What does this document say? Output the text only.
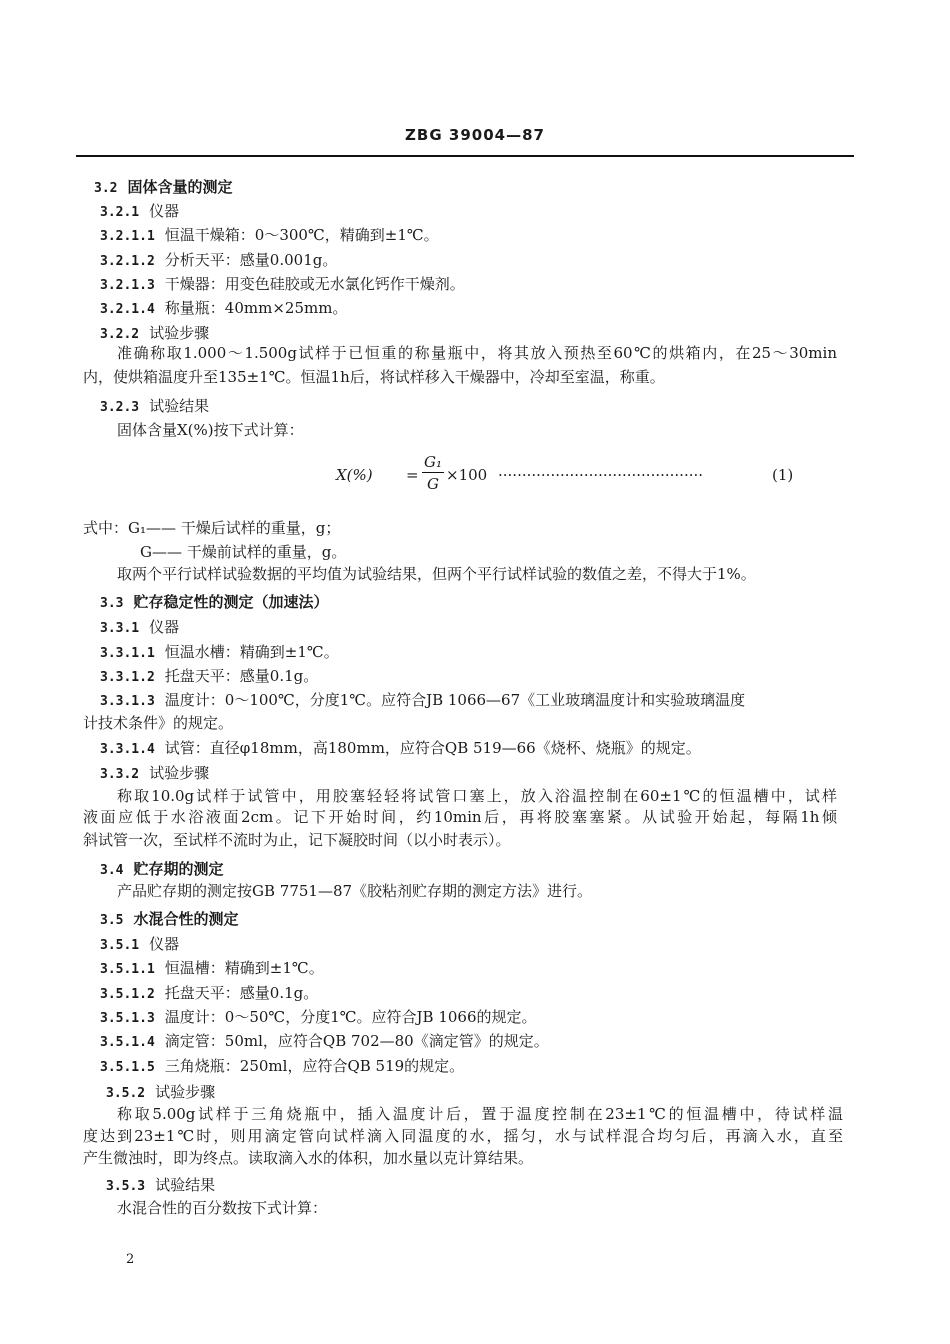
ZBG 39004—87
3.2 固体含量的测定
3.2.1 仪器
3.2.1.1 恒温干燥箱：0～300℃，精确到±1℃。
3.2.1.2 分析天平：感量0.001g。
3.2.1.3 干燥器：用变色硅胶或无水氯化钙作干燥剂。
3.2.1.4 称量瓶：40mm×25mm。
3.2.2 试验步骤
准确称取1.000～1.500g试样于已恒重的称量瓶中，将其放入预热至60℃的烘箱内，在25～30min
内，使烘箱温度升至135±1℃。恒温1h后，将试样移入干燥器中，冷却至室温，称重。
3.2.3 试验结果
固体含量X(%)按下式计算：
式中：G₁—— 干燥后试样的重量，g；
G—— 干燥前试样的重量，g。
取两个平行试样试验数据的平均值为试验结果，但两个平行试样试验的数值之差，不得大于1%。
3.3 贮存稳定性的测定（加速法）
3.3.1 仪器
3.3.1.1 恒温水槽：精确到±1℃。
3.3.1.2 托盘天平：感量0.1g。
3.3.1.3 温度计：0～100℃，分度1℃。应符合JB 1066—67《工业玻璃温度计和实验玻璃温度
计技术条件》的规定。
3.3.1.4 试管：直径φ18mm，高180mm，应符合QB 519—66《烧杯、烧瓶》的规定。
3.3.2 试验步骤
称取10.0g试样于试管中，用胶塞轻轻将试管口塞上，放入浴温控制在60±1℃的恒温槽中，试样
液面应低于水浴液面2cm。记下开始时间，约10min后，再将胶塞塞紧。从试验开始起，每隔1h倾
斜试管一次，至试样不流时为止，记下凝胶时间（以小时表示）。
3.4 贮存期的测定
产品贮存期的测定按GB 7751—87《胶粘剂贮存期的测定方法》进行。
3.5 水混合性的测定
3.5.1 仪器
3.5.1.1 恒温槽：精确到±1℃。
3.5.1.2 托盘天平：感量0.1g。
3.5.1.3 温度计：0～50℃，分度1℃。应符合JB 1066的规定。
3.5.1.4 滴定管：50ml，应符合QB 702—80《滴定管》的规定。
3.5.1.5 三角烧瓶：250ml，应符合QB 519的规定。
3.5.2 试验步骤
称取5.00g试样于三角烧瓶中，插入温度计后，置于温度控制在23±1℃的恒温槽中，待试样温
度达到23±1℃时，则用滴定管向试样滴入同温度的水，摇匀，水与试样混合均匀后，再滴入水，直至
产生微浊时，即为终点。读取滴入水的体积，加水量以克计算结果。
3.5.3 试验结果
水混合性的百分数按下式计算：
X(%) =
G₁
G ×100 ···········································	(1)
2
